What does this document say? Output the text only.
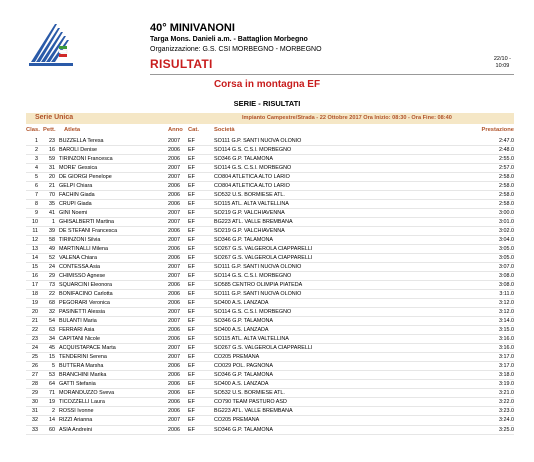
40° MINIVANONI
Targa Mons. Danieli a.m. - Battaglion Morbegno
Organizzazione: G.S. CSI MORBEGNO - MORBEGNO
RISULTATI	22/10 -
10:09
Corsa in montagna EF
SERIE - RISULTATI
Serie Unica	Impianto Campestre/Strada - 22 Ottobre 2017 Ora Inizio: 08:30 - Ora Fine: 08:40
Clas. Pett. Atleta	Anno Cat.	Società	Prestazione
1	23 BUZZELLA Teresa	2007 EF	SO111 G.P. SANTI NUOVA OLONIO	2:47.0
2	16 BAROLI Denise	2006 EF	SO114 G.S. C.S.I. MORBEGNO	2:48.0
3	59 TIRINZONI Francesca	2006 EF	SO346 G.P. TALAMONA	2:55.0
4	31 MORE' Gessica	2007 EF	SO114 G.S. C.S.I. MORBEGNO	2:57.0
5	20 DE GIORGI Penelope	2007 EF	CO804 ATLETICA ALTO LARIO	2:58.0
6	21 GELPI Chiara	2006 EF	CO804 ATLETICA ALTO LARIO	2:58.0
7	70 FACHIN Giada	2006 EF	SO532 U.S. BORMIESE ATL.	2:58.0
8	35 CRUPI Giada	2006 EF	SO115 ATL. ALTA VALTELLINA	2:58.0
9	41 GINI Noemi	2007 EF	SO219 G.P. VALCHIAVENNA	3:00.0
10	1 GHISALBERTI Martina	2007 EF	BG223 ATL. VALLE BREMBANA	3:01.0
11	39 DE STEFANI Francesca	2006 EF	SO219 G.P. VALCHIAVENNA	3:02.0
12	58 TIRINZONI Silvia	2007 EF	SO346 G.P. TALAMONA	3:04.0
13	49 MARTINALLI Milena	2006 EF	SO267 G.S. VALGEROLA CIAPPARELLI	3:05.0
14	52 VALENA Chiara	2006 EF	SO267 G.S. VALGEROLA CIAPPARELLI	3:05.0
15	24 CONTESSA Asia	2007 EF	SO111 G.P. SANTI NUOVA OLONIO	3:07.0
16	29 CHIMISSO Agnese	2007 EF	SO114 G.S. C.S.I. MORBEGNO	3:08.0
17	73 SQUARCINI Eleonora	2006 EF	SO585 CENTRO OLIMPIA PIATEDA	3:08.0
18	22 BONIFACINO Carlotta	2006 EF	SO111 G.P. SANTI NUOVA OLONIO	3:11.0
19	68 PEGORARI Veronica	2006 EF	SO400 A.S. LANZADA	3:12.0
20	32 PASINETTI Alessia	2007 EF	SO114 G.S. C.S.I. MORBEGNO	3:12.0
21	54 BULANTI Maria	2007 EF	SO346 G.P. TALAMONA	3:14.0
22	63 FERRARI Asia	2006 EF	SO400 A.S. LANZADA	3:15.0
23	34 CAPITANI Nicole	2006 EF	SO115 ATL. ALTA VALTELLINA	3:16.0
24	45 ACQUISTAPACE Marta	2007 EF	SO267 G.S. VALGEROLA CIAPPARELLI	3:16.0
25	15 TENDERINI Serena	2007 EF	CO205 PREMANA	3:17.0
26	5 BUTTERA Marsha	2006 EF	CO029 POL. PAGNONA	3:17.0
27	53 BRANCHINI Marika	2006 EF	SO346 G.P. TALAMONA	3:18.0
28	64 GATTI Stefania	2006 EF	SO400 A.S. LANZADA	3:19.0
29	71 MORANDUZZO Sveva	2006 EF	SO532 U.S. BORMIESE ATL.	3:21.0
30	19 TICOZZELLI Laura	2006 EF	CO790 TEAM PASTURO ASD	3:22.0
31	2 ROSSI Ivonne	2006 EF	BG223 ATL. VALLE BREMBANA	3:23.0
32	14 RIZZI Arianna	2007 EF	CO205 PREMANA	3:24.0
33	60 ASIA Andreini	2006 EF	SO346 G.P. TALAMONA	3:25.0
